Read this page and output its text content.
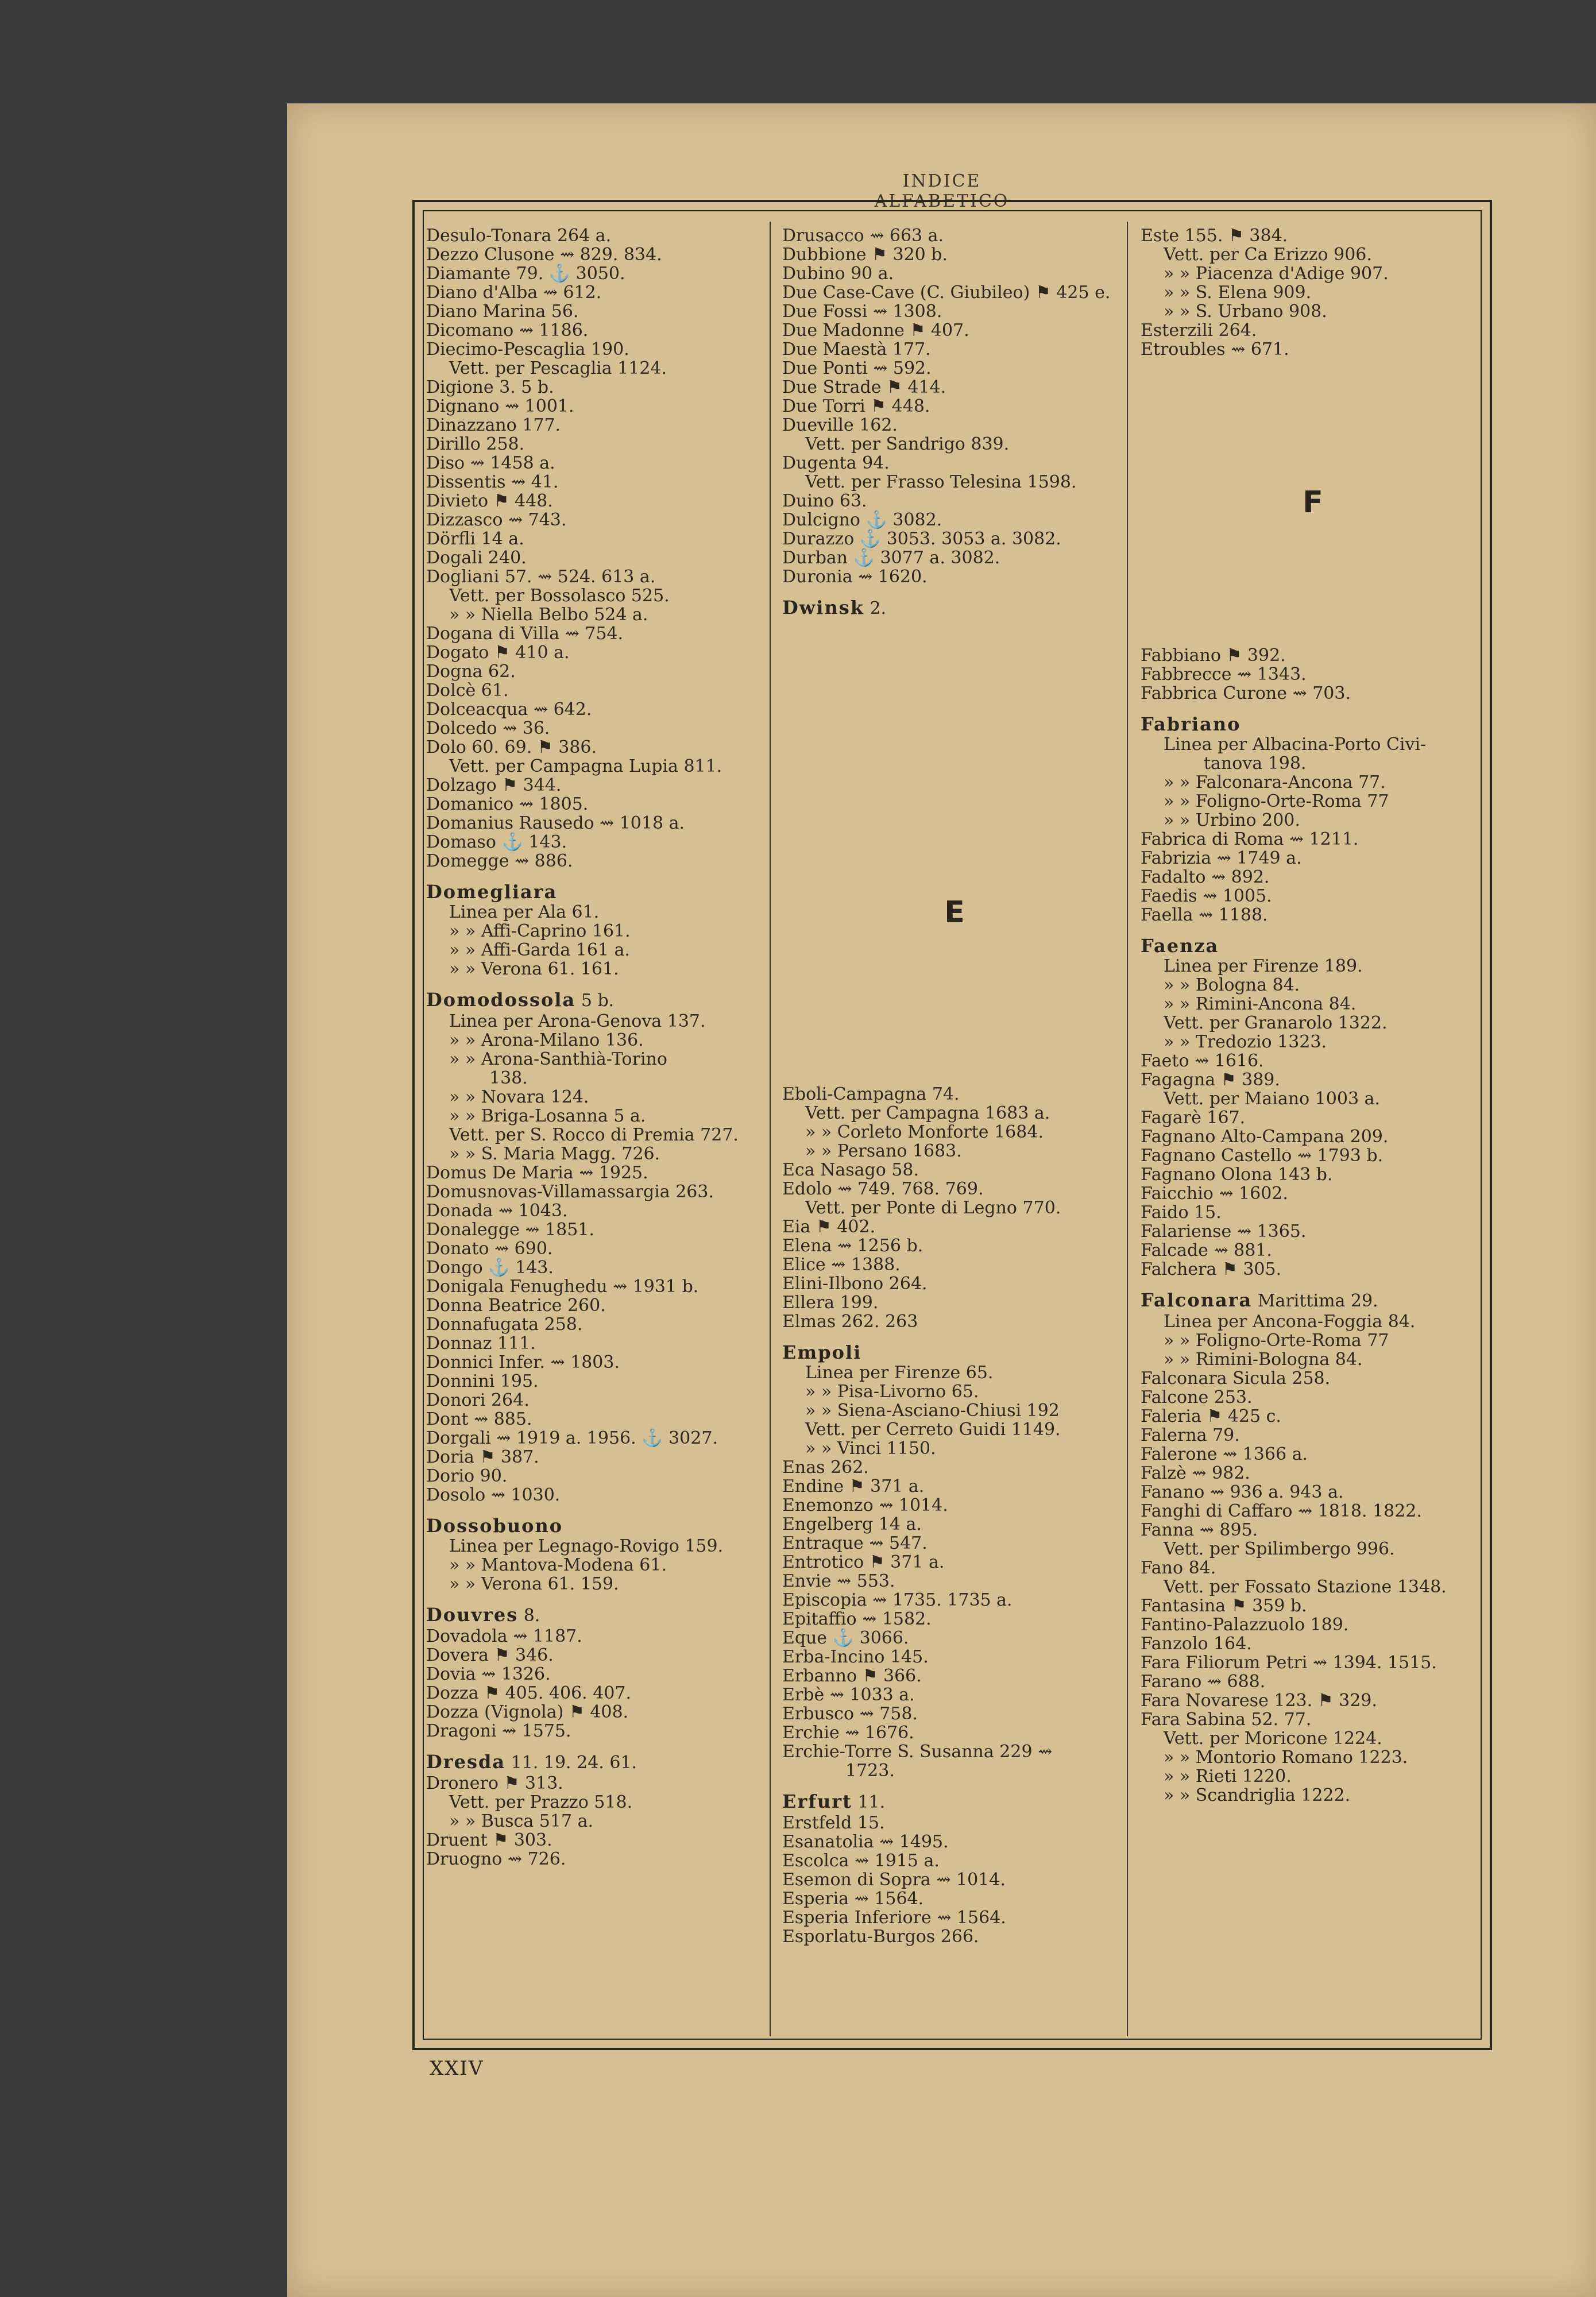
INDICE ALFABETICO
Desulo-Tonara 264 a.
Dezzo Clusone ⇝ 829. 834.
Diamante 79. ⚓ 3050.
Diano d'Alba ⇝ 612.
Diano Marina 56.
Dicomano ⇝ 1186.
Diecimo-Pescaglia 190.
Vett. per Pescaglia 1124.
Digione 3. 5 b.
Dignano ⇝ 1001.
Dinazzano 177.
Dirillo 258.
Diso ⇝ 1458 a.
Dissentis ⇝ 41.
Divieto ⚑ 448.
Dizzasco ⇝ 743.
Dörfli 14 a.
Dogali 240.
Dogliani 57. ⇝ 524. 613 a.
Vett. per Bossolasco 525.
» » Niella Belbo 524 a.
Dogana di Villa ⇝ 754.
Dogato ⚑ 410 a.
Dogna 62.
Dolcè 61.
Dolceacqua ⇝ 642.
Dolcedo ⇝ 36.
Dolo 60. 69. ⚑ 386.
Vett. per Campagna Lupia 811.
Dolzago ⚑ 344.
Domanico ⇝ 1805.
Domanius Rausedo ⇝ 1018 a.
Domaso ⚓ 143.
Domegge ⇝ 886.
Domegliara
Linea per Ala 61.
» » Affi-Caprino 161.
» » Affi-Garda 161 a.
» » Verona 61. 161.
Domodossola 5 b.
Linea per Arona-Genova 137.
» » Arona-Milano 136.
» » Arona-Santhià-Torino
138.
» » Novara 124.
» » Briga-Losanna 5 a.
Vett. per S. Rocco di Premia 727.
» » S. Maria Magg. 726.
Domus De Maria ⇝ 1925.
Domusnovas-Villamassargia 263.
Donada ⇝ 1043.
Donalegge ⇝ 1851.
Donato ⇝ 690.
Dongo ⚓ 143.
Donigala Fenughedu ⇝ 1931 b.
Donna Beatrice 260.
Donnafugata 258.
Donnaz 111.
Donnici Infer. ⇝ 1803.
Donnini 195.
Donori 264.
Dont ⇝ 885.
Dorgali ⇝ 1919 a. 1956. ⚓ 3027.
Doria ⚑ 387.
Dorio 90.
Dosolo ⇝ 1030.
Dossobuono
Linea per Legnago-Rovigo 159.
» » Mantova-Modena 61.
» » Verona 61. 159.
Douvres 8.
Dovadola ⇝ 1187.
Dovera ⚑ 346.
Dovia ⇝ 1326.
Dozza ⚑ 405. 406. 407.
Dozza (Vignola) ⚑ 408.
Dragoni ⇝ 1575.
Dresda 11. 19. 24. 61.
Dronero ⚑ 313.
Vett. per Prazzo 518.
» » Busca 517 a.
Druent ⚑ 303.
Druogno ⇝ 726.
Drusacco ⇝ 663 a.
Dubbione ⚑ 320 b.
Dubino 90 a.
Due Case-Cave (C. Giubileo) ⚑ 425 e.
Due Fossi ⇝ 1308.
Due Madonne ⚑ 407.
Due Maestà 177.
Due Ponti ⇝ 592.
Due Strade ⚑ 414.
Due Torri ⚑ 448.
Dueville 162.
Vett. per Sandrigo 839.
Dugenta 94.
Vett. per Frasso Telesina 1598.
Duino 63.
Dulcigno ⚓ 3082.
Durazzo ⚓ 3053. 3053 a. 3082.
Durban ⚓ 3077 a. 3082.
Duronia ⇝ 1620.
Dwinsk 2.
E
Eboli-Campagna 74.
Vett. per Campagna 1683 a.
» » Corleto Monforte 1684.
» » Persano 1683.
Eca Nasago 58.
Edolo ⇝ 749. 768. 769.
Vett. per Ponte di Legno 770.
Eia ⚑ 402.
Elena ⇝ 1256 b.
Elice ⇝ 1388.
Elini-Ilbono 264.
Ellera 199.
Elmas 262. 263
Empoli
Linea per Firenze 65.
» » Pisa-Livorno 65.
» » Siena-Asciano-Chiusi 192
Vett. per Cerreto Guidi 1149.
» » Vinci 1150.
Enas 262.
Endine ⚑ 371 a.
Enemonzo ⇝ 1014.
Engelberg 14 a.
Entraque ⇝ 547.
Entrotico ⚑ 371 a.
Envie ⇝ 553.
Episcopia ⇝ 1735. 1735 a.
Epitaffio ⇝ 1582.
Eque ⚓ 3066.
Erba-Incino 145.
Erbanno ⚑ 366.
Erbè ⇝ 1033 a.
Erbusco ⇝ 758.
Erchie ⇝ 1676.
Erchie-Torre S. Susanna 229 ⇝
1723.
Erfurt 11.
Erstfeld 15.
Esanatolia ⇝ 1495.
Escolca ⇝ 1915 a.
Esemon di Sopra ⇝ 1014.
Esperia ⇝ 1564.
Esperia Inferiore ⇝ 1564.
Esporlatu-Burgos 266.
Este 155. ⚑ 384.
Vett. per Ca Erizzo 906.
» » Piacenza d'Adige 907.
» » S. Elena 909.
» » S. Urbano 908.
Esterzili 264.
Etroubles ⇝ 671.
F
Fabbiano ⚑ 392.
Fabbrecce ⇝ 1343.
Fabbrica Curone ⇝ 703.
Fabriano
Linea per Albacina-Porto Civi-
tanova 198.
» » Falconara-Ancona 77.
» » Foligno-Orte-Roma 77
» » Urbino 200.
Fabrica di Roma ⇝ 1211.
Fabrizia ⇝ 1749 a.
Fadalto ⇝ 892.
Faedis ⇝ 1005.
Faella ⇝ 1188.
Faenza
Linea per Firenze 189.
» » Bologna 84.
» » Rimini-Ancona 84.
Vett. per Granarolo 1322.
» » Tredozio 1323.
Faeto ⇝ 1616.
Fagagna ⚑ 389.
Vett. per Maiano 1003 a.
Fagarè 167.
Fagnano Alto-Campana 209.
Fagnano Castello ⇝ 1793 b.
Fagnano Olona 143 b.
Faicchio ⇝ 1602.
Faido 15.
Falariense ⇝ 1365.
Falcade ⇝ 881.
Falchera ⚑ 305.
Falconara Marittima 29.
Linea per Ancona-Foggia 84.
» » Foligno-Orte-Roma 77
» » Rimini-Bologna 84.
Falconara Sicula 258.
Falcone 253.
Faleria ⚑ 425 c.
Falerna 79.
Falerone ⇝ 1366 a.
Falzè ⇝ 982.
Fanano ⇝ 936 a. 943 a.
Fanghi di Caffaro ⇝ 1818. 1822.
Fanna ⇝ 895.
Vett. per Spilimbergo 996.
Fano 84.
Vett. per Fossato Stazione 1348.
Fantasina ⚑ 359 b.
Fantino-Palazzuolo 189.
Fanzolo 164.
Fara Filiorum Petri ⇝ 1394. 1515.
Farano ⇝ 688.
Fara Novarese 123. ⚑ 329.
Fara Sabina 52. 77.
Vett. per Moricone 1224.
» » Montorio Romano 1223.
» » Rieti 1220.
» » Scandriglia 1222.
XXIV
